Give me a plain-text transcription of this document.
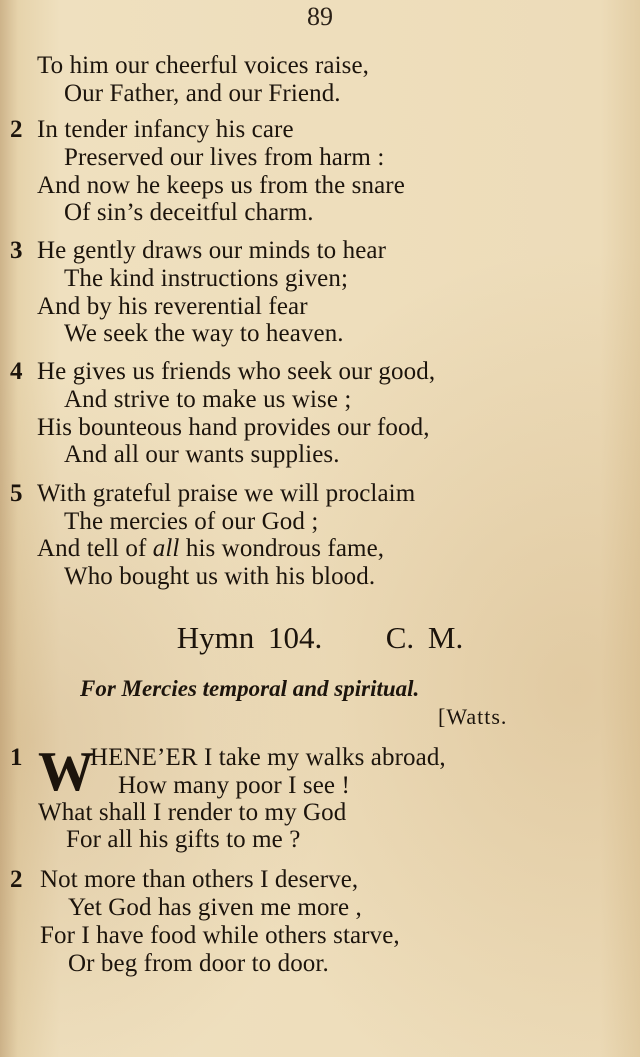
89
To him our cheerful voices raise,
Our Father, and our Friend.
2 In tender infancy his care
Preserved our lives from harm :
And now he keeps us from the snare
Of sin’s deceitful charm.
3 He gently draws our minds to hear
The kind instructions given;
And by his reverential fear
We seek the way to heaven.
4 He gives us friends who seek our good,
And strive to make us wise ;
His bounteous hand provides our food,
And all our wants supplies.
5 With grateful praise we will proclaim
The mercies of our God ;
And tell of all his wondrous fame,
Who bought us with his blood.
Hymn 104. C. M.
For Mercies temporal and spiritual.
[Watts.
1 W
HENE’ER I take my walks abroad,
How many poor I see !
What shall I render to my God
For all his gifts to me ?
2 Not more than others I deserve,
Yet God has given me more ,
For I have food while others starve,
Or beg from door to door.
